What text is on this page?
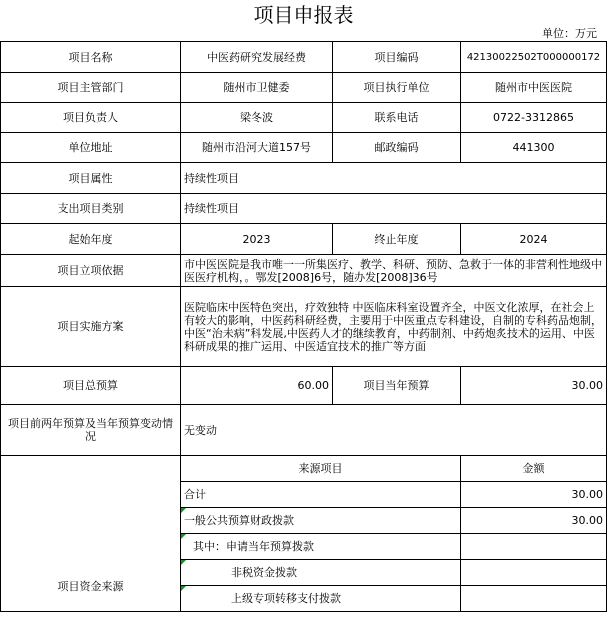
项目申报表
单位：万元
项目名称	中医药研究发展经费	项目编码	42130022502T000000172
项目主管部门	随州市卫健委	项目执行单位	随州市中医医院
项目负责人	梁冬波	联系电话	0722-3312865
单位地址	随州市沿河大道157号	邮政编码	441300
项目属性	持续性项目		
支出项目类别	持续性项目		
起始年度	2023	终止年度	2024
项目立项依据	市中医医院是我市唯一一所集医疗、教学、科研、预防、急救于一体的非营利性地级中医医疗机构，。鄂发[2008]6号，随办发[2008]36号		
项目实施方案	医院临床中医特色突出，疗效独特 中医临床科室设置齐全，中医文化浓厚，在社会上有较大的影响，中医药科研经费，主要用于中医重点专科建设，自制的专科药品炮制，中医“治未病”科发展,中医药人才的继续教育，中药制剂、中药炮炙技术的运用、中医科研成果的推广运用、中医适宜技术的推广等方面		
项目总预算	60.00	项目当年预算	30.00
项目前两年预算及当年预算变动情况	无变动		
项目资金来源	来源项目		金额
	合计		30.00
	一般公共预算财政拨款		30.00
	其中：申请当年预算拨款		
	非税资金拨款		
	上级专项转移支付拨款		
